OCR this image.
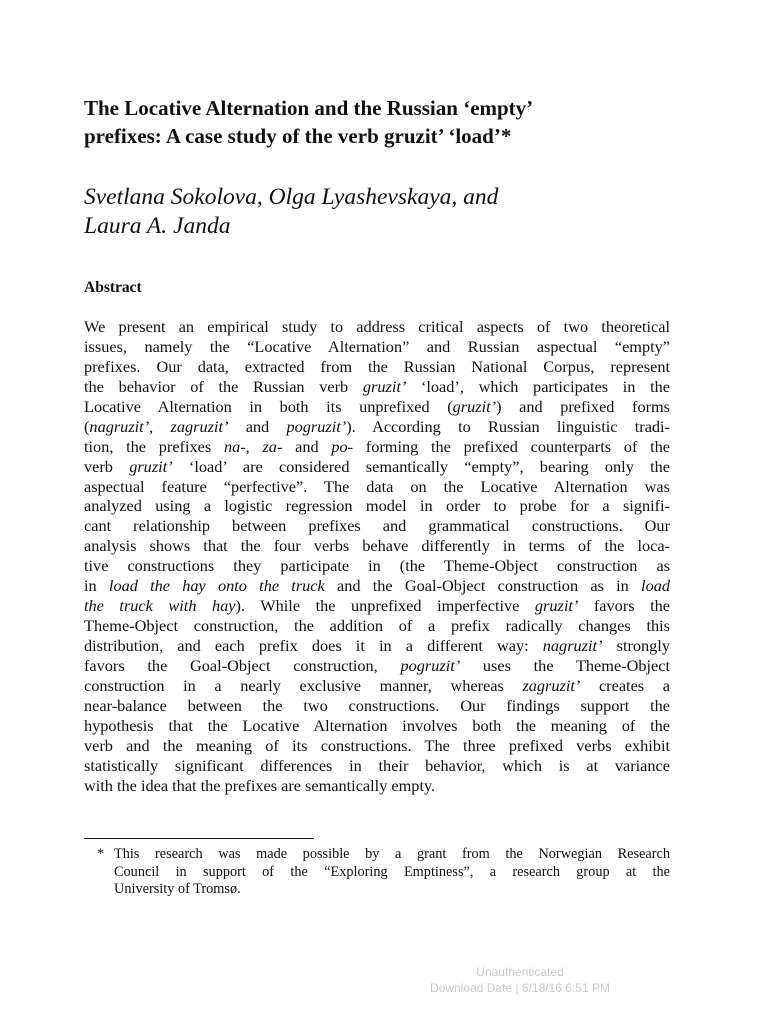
The Locative Alternation and the Russian ‘empty’
prefixes: A case study of the verb gruzit’ ‘load’*
Svetlana Sokolova, Olga Lyashevskaya, and
Laura A. Janda
Abstract
We present an empirical study to address critical aspects of two theoretical
issues, namely the “Locative Alternation” and Russian aspectual “empty”
prefixes. Our data, extracted from the Russian National Corpus, represent
the behavior of the Russian verb gruzit’ ‘load’, which participates in the
Locative Alternation in both its unprefixed (gruzit’) and prefixed forms
(nagruzit’, zagruzit’ and pogruzit’). According to Russian linguistic tradi-
tion, the prefixes na-, za- and po- forming the prefixed counterparts of the
verb gruzit’ ‘load’ are considered semantically “empty”, bearing only the
aspectual feature “perfective”. The data on the Locative Alternation was
analyzed using a logistic regression model in order to probe for a signifi-
cant relationship between prefixes and grammatical constructions. Our
analysis shows that the four verbs behave differently in terms of the loca-
tive constructions they participate in (the Theme-Object construction as
in load the hay onto the truck and the Goal-Object construction as in load
the truck with hay). While the unprefixed imperfective gruzit’ favors the
Theme-Object construction, the addition of a prefix radically changes this
distribution, and each prefix does it in a different way: nagruzit’ strongly
favors the Goal-Object construction, pogruzit’ uses the Theme-Object
construction in a nearly exclusive manner, whereas zagruzit’ creates a
near-balance between the two constructions. Our findings support the
hypothesis that the Locative Alternation involves both the meaning of the
verb and the meaning of its constructions. The three prefixed verbs exhibit
statistically significant differences in their behavior, which is at variance
with the idea that the prefixes are semantically empty.
* This research was made possible by a grant from the Norwegian Research
Council in support of the “Exploring Emptiness”, a research group at the
University of Tromsø.
Unauthenticated
Download Date | 6/18/16 6:51 PM
